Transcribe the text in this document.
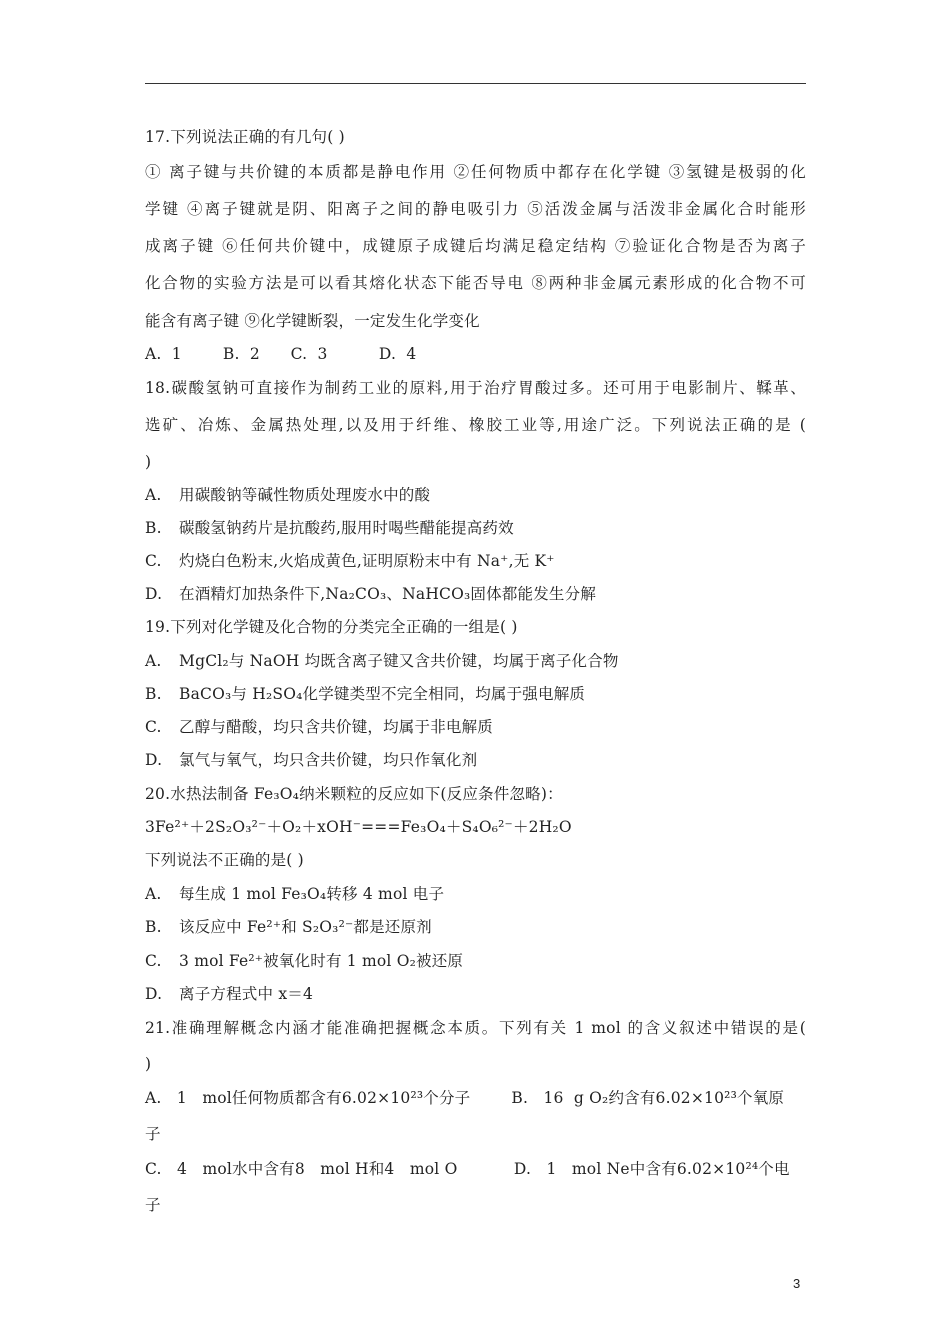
17.下列说法正确的有几句( )
① 离子键与共价键的本质都是静电作用 ②任何物质中都存在化学键 ③氢键是极弱的化
学键 ④离子键就是阴、阳离子之间的静电吸引力 ⑤活泼金属与活泼非金属化合时能形
成离子键 ⑥任何共价键中，成键原子成键后均满足稳定结构 ⑦验证化合物是否为离子
化合物的实验方法是可以看其熔化状态下能否导电 ⑧两种非金属元素形成的化合物不可
能含有离子键 ⑨化学键断裂，一定发生化学变化
A.  1        B.  2      C.  3          D.  4
18.碳酸氢钠可直接作为制药工业的原料,用于治疗胃酸过多。还可用于电影制片、鞣革、
选矿、冶炼、金属热处理,以及用于纤维、橡胶工业等,用途广泛。下列说法正确的是 (
)
A. 用碳酸钠等碱性物质处理废水中的酸
B. 碳酸氢钠药片是抗酸药,服用时喝些醋能提高药效
C. 灼烧白色粉末,火焰成黄色,证明原粉末中有 Na⁺,无 K⁺
D. 在酒精灯加热条件下,Na₂CO₃、NaHCO₃固体都能发生分解
19.下列对化学键及化合物的分类完全正确的一组是( )
A. MgCl₂与 NaOH 均既含离子键又含共价键，均属于离子化合物
B. BaCO₃与 H₂SO₄化学键类型不完全相同，均属于强电解质
C. 乙醇与醋酸，均只含共价键，均属于非电解质
D. 氯气与氧气，均只含共价键，均只作氧化剂
20.水热法制备 Fe₃O₄纳米颗粒的反应如下(反应条件忽略)：
3Fe²⁺＋2S₂O₃²⁻＋O₂＋xOH⁻===Fe₃O₄＋S₄O₆²⁻＋2H₂O
下列说法不正确的是( )
A. 每生成 1 mol Fe₃O₄转移 4 mol 电子
B. 该反应中 Fe²⁺和 S₂O₃²⁻都是还原剂
C. 3 mol Fe²⁺被氧化时有 1 mol O₂被还原
D. 离子方程式中 x＝4
21.准确理解概念内涵才能准确把握概念本质。下列有关 1 mol 的含义叙述中错误的是(
)
A.   1   mol任何物质都含有6.02×10²³个分子        B.   16  g O₂约含有6.02×10²³个氧原
子
C.   4   mol水中含有8   mol H和4   mol O           D.   1   mol Ne中含有6.02×10²⁴个电
子
3
